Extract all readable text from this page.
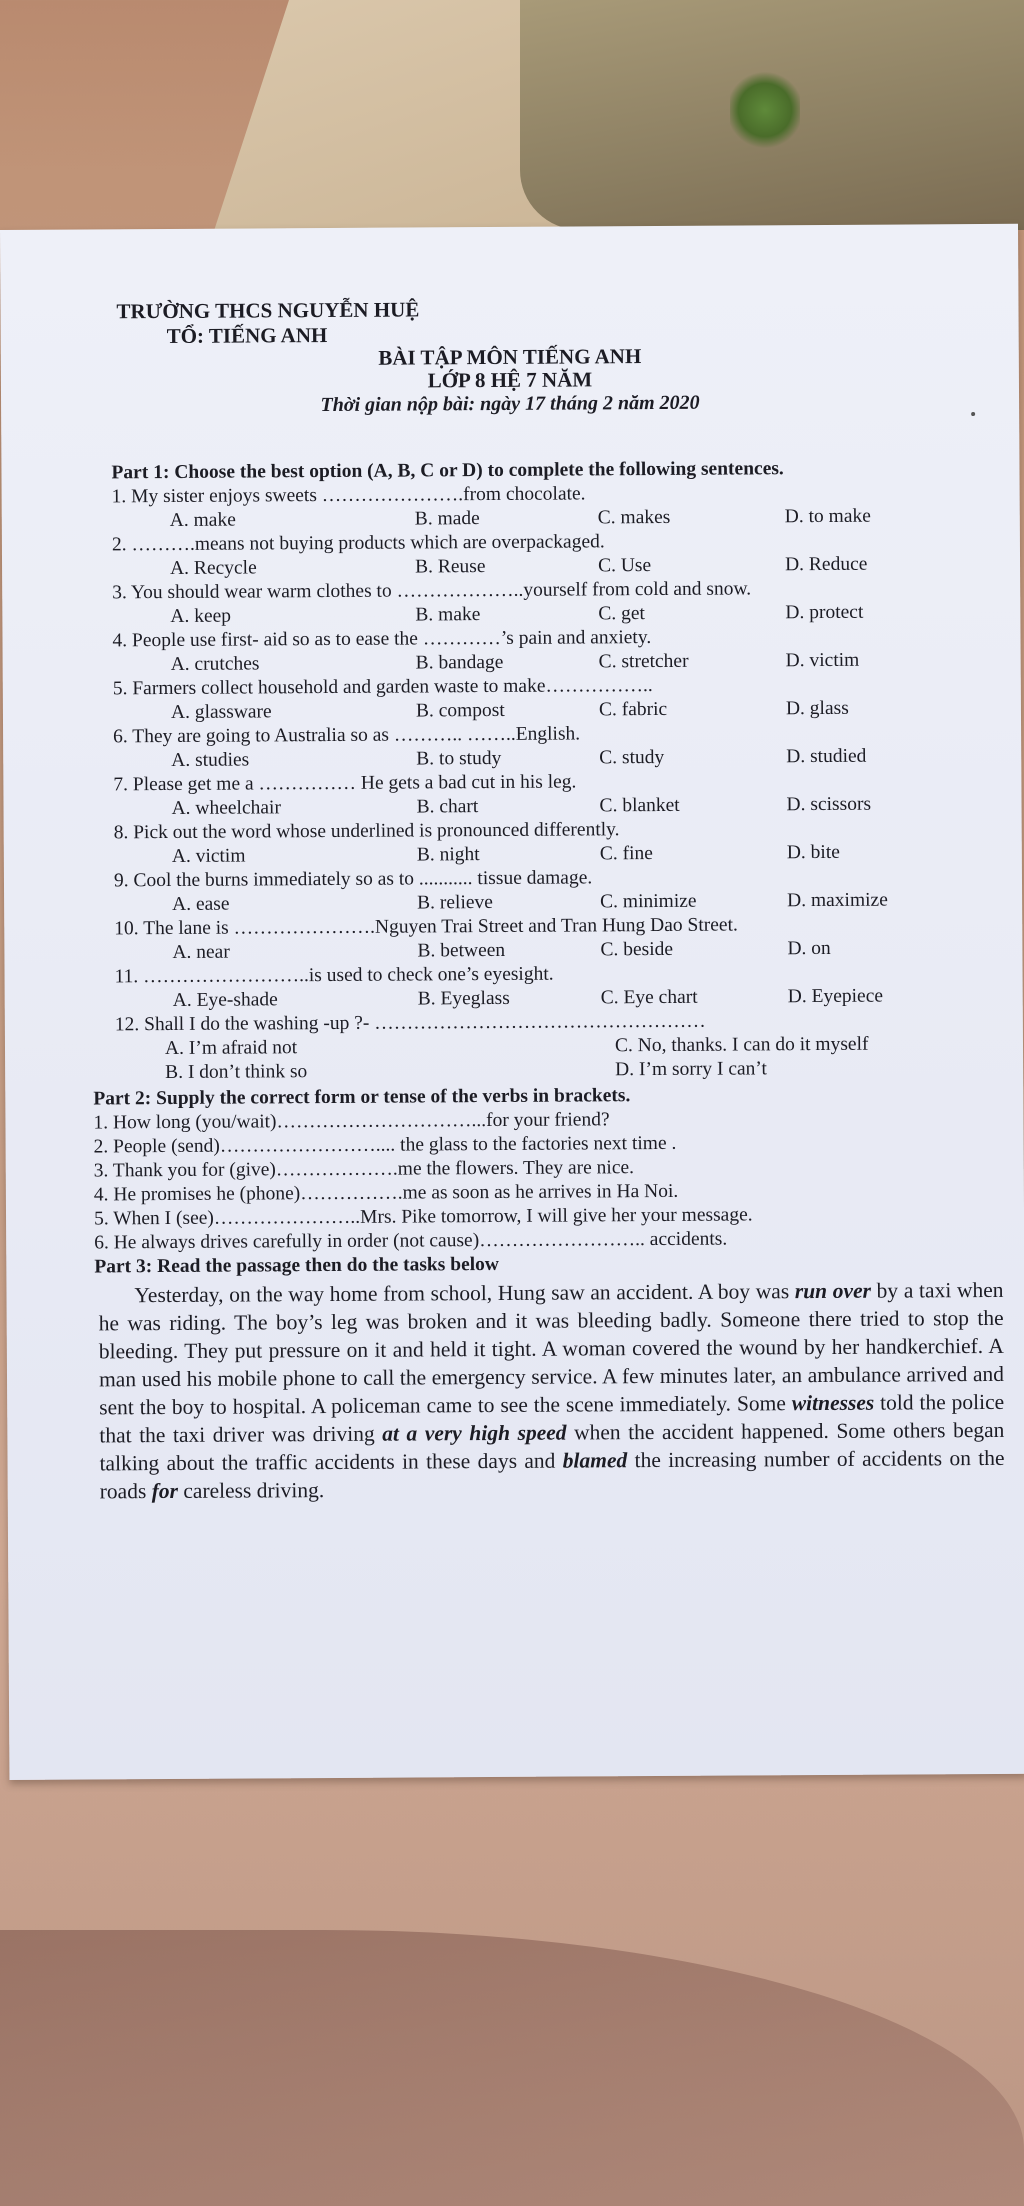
TRƯỜNG THCS NGUYỄN HUỆ
TỔ: TIẾNG ANH
BÀI TẬP MÔN TIẾNG ANH
LỚP 8 HỆ 7 NĂM
Thời gian nộp bài: ngày 17 tháng 2 năm 2020
Part 1: Choose the best option (A, B, C or D) to complete the following sentences.
1. My sister enjoys sweets ………………….from chocolate.
A. make	B. made	C. makes	D. to make
2. ……….means not buying products which are overpackaged.
A. Recycle	B. Reuse	C. Use	D. Reduce
3. You should wear warm clothes to ………………..yourself from cold and snow.
A. keep	B. make	C. get	D. protect
4. People use first- aid so as to ease the …………’s pain and anxiety.
A. crutches	B. bandage	C. stretcher	D. victim
5. Farmers collect household and garden waste to make……………..
A. glassware	B. compost	C. fabric	D. glass
6. They are going to Australia so as ……….. ……..English.
A. studies	B. to study	C. study	D. studied
7. Please get me a …………… He gets a bad cut in his leg.
A. wheelchair	B. chart	C. blanket	D. scissors
8. Pick out the word whose underlined is pronounced differently.
A. victim	B. night	C. fine	D. bite
9. Cool the burns immediately so as to ........... tissue damage.
A. ease	B. relieve	C. minimize	D. maximize
10. The lane is ………………….Nguyen Trai Street and Tran Hung Dao Street.
A. near	B. between	C. beside	D. on
11. ……………………..is used to check one’s eyesight.
A. Eye-shade	B. Eyeglass	C. Eye chart	D. Eyepiece
12. Shall I do the washing -up ?- ……………………………………………
A. I’m afraid not	C. No, thanks. I can do it myself
B. I don’t think so	D. I’m sorry I can’t
Part 2: Supply the correct form or tense of the verbs in brackets.
1. How long (you/wait)…………………………...for your friend?
2. People (send)…………………….... the glass to the factories next time .
3. Thank you for (give)……………….me the flowers. They are nice.
4. He promises he (phone)…………….me as soon as he arrives in Ha Noi.
5. When I (see)…………………..Mrs. Pike tomorrow, I will give her your message.
6. He always drives carefully in order (not cause)…………………….. accidents.
Part 3: Read the passage then do the tasks below
Yesterday, on the way home from school, Hung saw an accident. A boy was run over by a taxi when he was riding. The boy’s leg was broken and it was bleeding badly. Someone there tried to stop the bleeding. They put pressure on it and held it tight. A woman covered the wound by her handkerchief. A man used his mobile phone to call the emergency service. A few minutes later, an ambulance arrived and sent the boy to hospital. A policeman came to see the scene immediately. Some witnesses told the police that the taxi driver was driving at a very high speed when the accident happened. Some others began talking about the traffic accidents in these days and blamed the increasing number of accidents on the roads for careless driving.
